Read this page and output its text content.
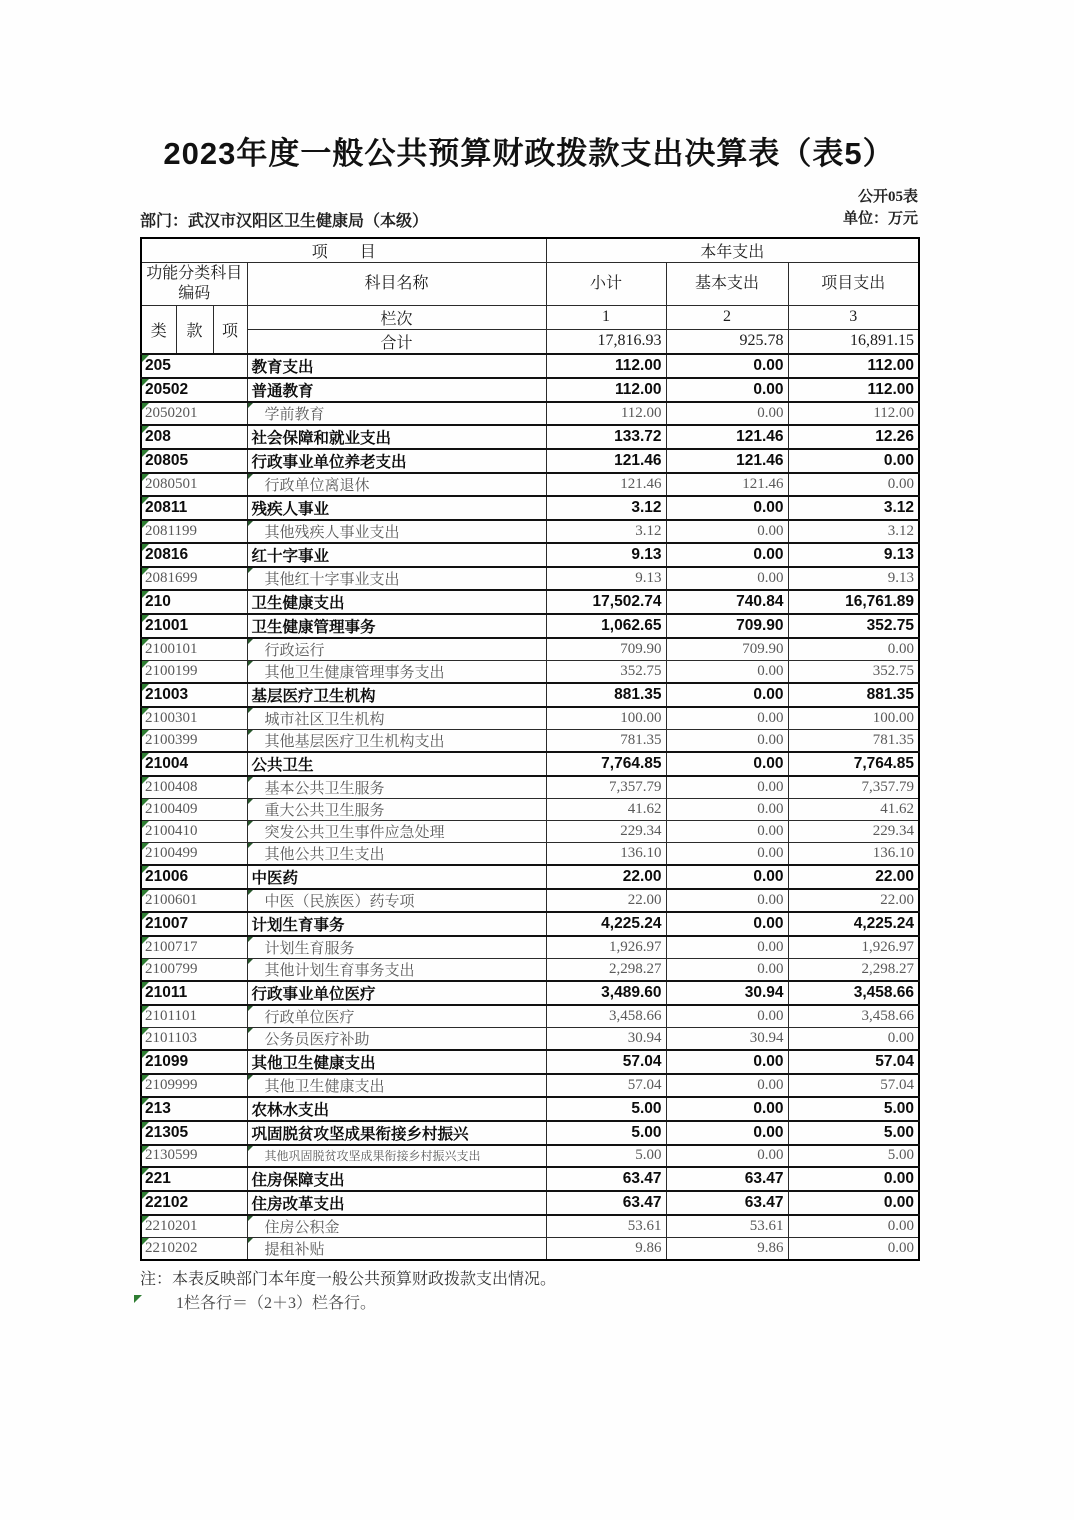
2023年度一般公共预算财政拨款支出决算表（表5）
部门：武汉市汉阳区卫生健康局（本级）
公开05表
单位：万元
项　　目				本年支出		
功能分类科目编码			科目名称	小计	基本支出	项目支出
类	款	项	栏次	1	2	3
			合计	17,816.93	925.78	16,891.15
205			教育支出	112.00	0.00	112.00
20502			普通教育	112.00	0.00	112.00
2050201			学前教育	112.00	0.00	112.00
208			社会保障和就业支出	133.72	121.46	12.26
20805			行政事业单位养老支出	121.46	121.46	0.00
2080501			行政单位离退休	121.46	121.46	0.00
20811			残疾人事业	3.12	0.00	3.12
2081199			其他残疾人事业支出	3.12	0.00	3.12
20816			红十字事业	9.13	0.00	9.13
2081699			其他红十字事业支出	9.13	0.00	9.13
210			卫生健康支出	17,502.74	740.84	16,761.89
21001			卫生健康管理事务	1,062.65	709.90	352.75
2100101			行政运行	709.90	709.90	0.00
2100199			其他卫生健康管理事务支出	352.75	0.00	352.75
21003			基层医疗卫生机构	881.35	0.00	881.35
2100301			城市社区卫生机构	100.00	0.00	100.00
2100399			其他基层医疗卫生机构支出	781.35	0.00	781.35
21004			公共卫生	7,764.85	0.00	7,764.85
2100408			基本公共卫生服务	7,357.79	0.00	7,357.79
2100409			重大公共卫生服务	41.62	0.00	41.62
2100410			突发公共卫生事件应急处理	229.34	0.00	229.34
2100499			其他公共卫生支出	136.10	0.00	136.10
21006			中医药	22.00	0.00	22.00
2100601			中医（民族医）药专项	22.00	0.00	22.00
21007			计划生育事务	4,225.24	0.00	4,225.24
2100717			计划生育服务	1,926.97	0.00	1,926.97
2100799			其他计划生育事务支出	2,298.27	0.00	2,298.27
21011			行政事业单位医疗	3,489.60	30.94	3,458.66
2101101			行政单位医疗	3,458.66	0.00	3,458.66
2101103			公务员医疗补助	30.94	30.94	0.00
21099			其他卫生健康支出	57.04	0.00	57.04
2109999			其他卫生健康支出	57.04	0.00	57.04
213			农林水支出	5.00	0.00	5.00
21305			巩固脱贫攻坚成果衔接乡村振兴	5.00	0.00	5.00
2130599			其他巩固脱贫攻坚成果衔接乡村振兴支出	5.00	0.00	5.00
221			住房保障支出	63.47	63.47	0.00
22102			住房改革支出	63.47	63.47	0.00
2210201			住房公积金	53.61	53.61	0.00
2210202			提租补贴	9.86	9.86	0.00
注：本表反映部门本年度一般公共预算财政拨款支出情况。
1栏各行＝（2＋3）栏各行。
